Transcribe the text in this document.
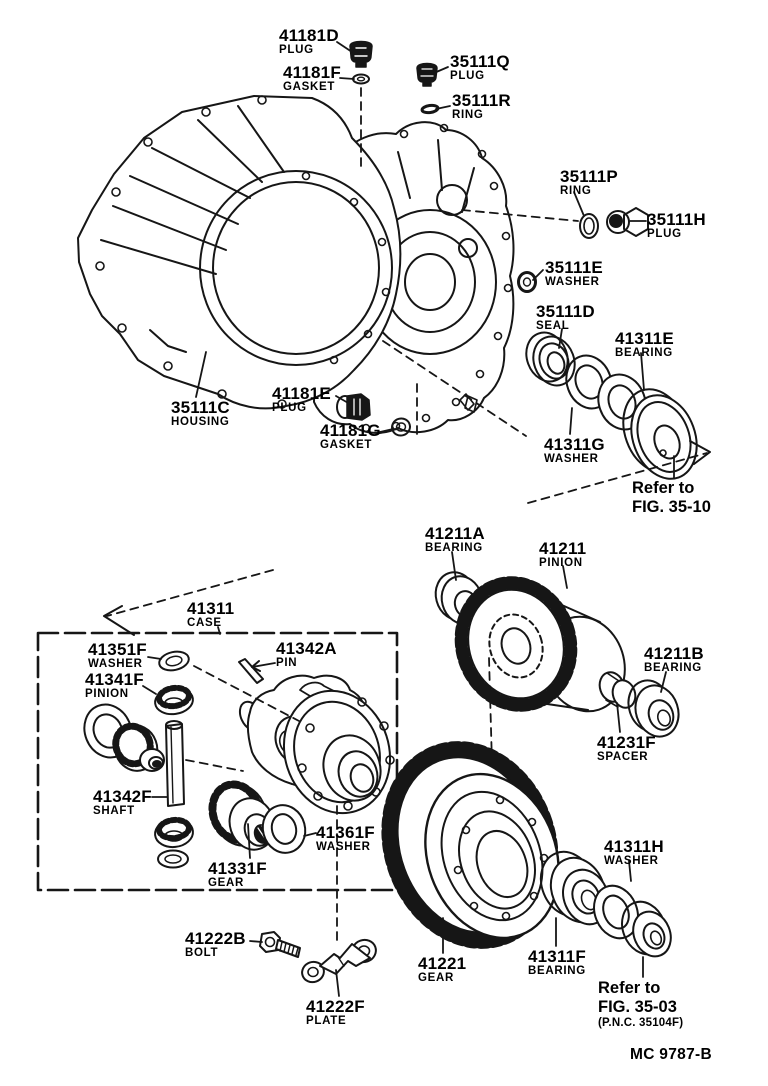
41181D
PLUG
41181F
GASKET
35111Q
PLUG
35111R
RING
35111P
RING
35111H
PLUG
35111E
WASHER
35111D
SEAL
41311E
BEARING
41311G
WASHER
35111C
HOUSING
41181E
PLUG
41181G
GASKET
41211A
BEARING	41211
PINION
41211B
BEARING
41231F
SPACER
41311
CASE
41351F
WASHER
41341F
PINION
41342A
PIN
41342F
SHAFT
41331F
GEAR
41361F
WASHER
41222B
BOLT
41222F
PLATE
41221
GEAR
41311F
BEARING
41311H
WASHER
Refer to
FIG. 35-10
Refer to
FIG. 35-03
(P.N.C. 35104F)
MC 9787-B
